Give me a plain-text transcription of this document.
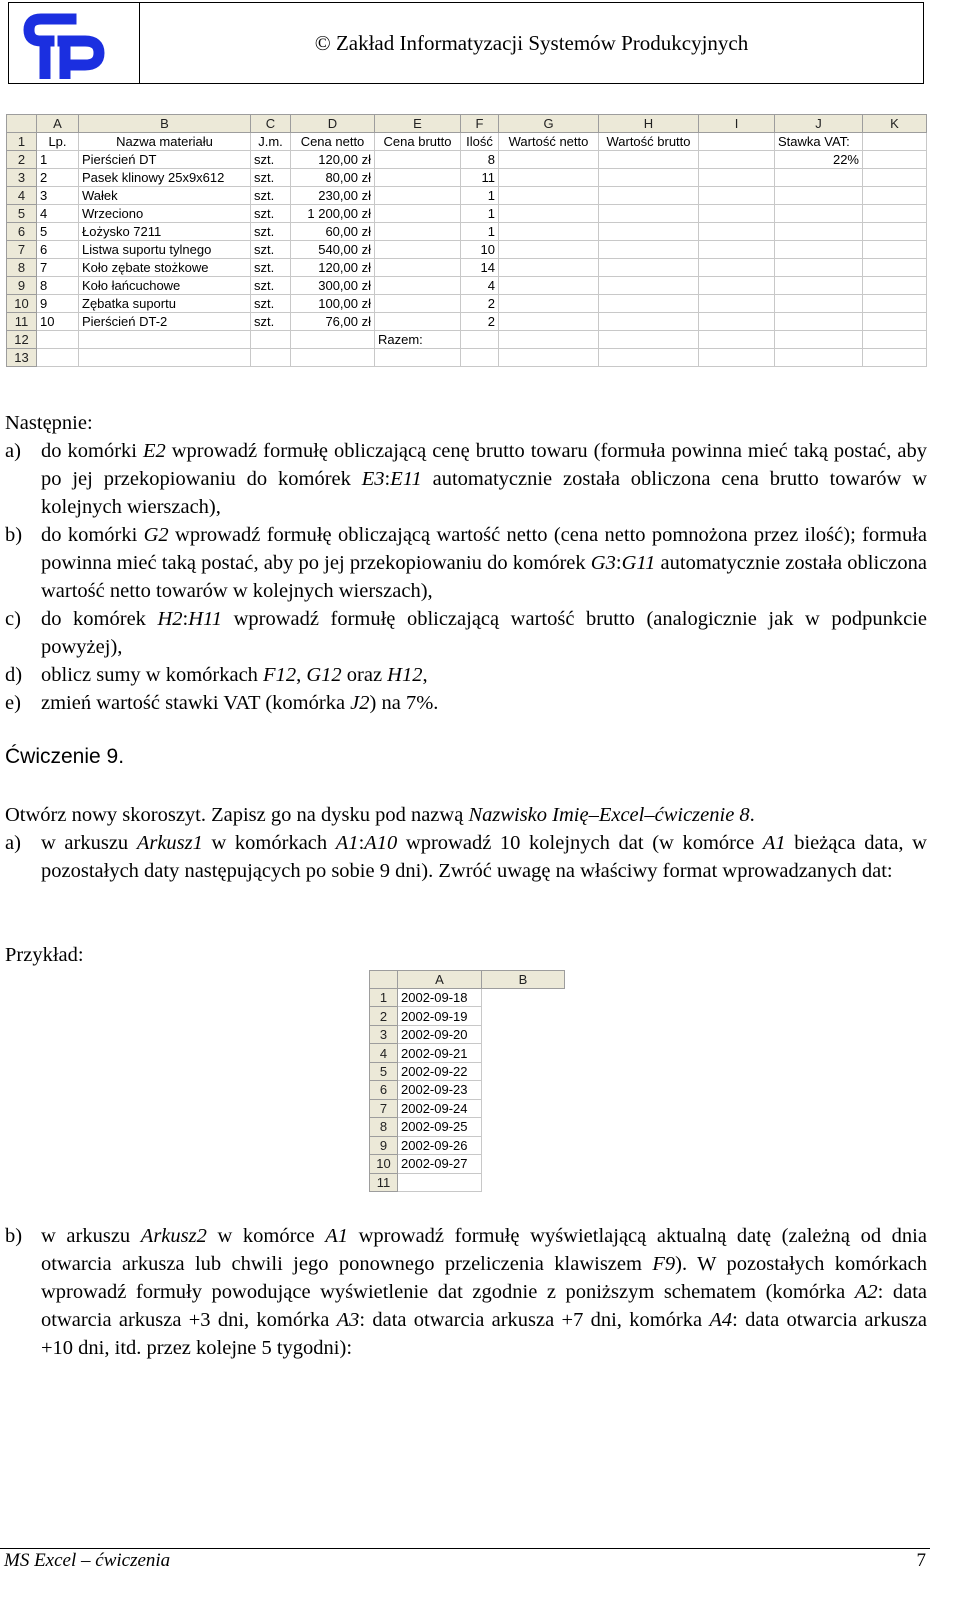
© Zakład Informatyzacji Systemów Produkcyjnych
	A	B	C	D	E	F	G	H	I	J	K
1	Lp.	Nazwa materiału	J.m.	Cena netto	Cena brutto	Ilość	Wartość netto	Wartość brutto		Stawka VAT:	
2	1	Pierścień DT	szt.	120,00 zł		8				22%	
3	2	Pasek klinowy 25x9x612	szt.	80,00 zł		11					
4	3	Wałek	szt.	230,00 zł		1					
5	4	Wrzeciono	szt.	1 200,00 zł		1					
6	5	Łożysko 7211	szt.	60,00 zł		1					
7	6	Listwa suportu tylnego	szt.	540,00 zł		10					
8	7	Koło zębate stożkowe	szt.	120,00 zł		14					
9	8	Koło łańcuchowe	szt.	300,00 zł		4					
10	9	Zębatka suportu	szt.	100,00 zł		2					
11	10	Pierścień DT-2	szt.	76,00 zł		2					
12					Razem:						
13											

Następnie:

a) do komórki E2 wprowadź formułę obliczającą cenę brutto towaru (formuła powinna mieć taką postać, aby po jej przekopiowaniu do komórek E3:E11 automatycznie została obliczona cena brutto towarów w kolejnych wierszach),
b) do komórki G2 wprowadź formułę obliczającą wartość netto (cena netto pomnożona przez ilość); formuła powinna mieć taką postać, aby po jej przekopiowaniu do komórek G3:G11 automatycznie została obliczona wartość netto towarów w kolejnych wierszach),
c) do komórek H2:H11 wprowadź formułę obliczającą wartość brutto (analogicznie jak w podpunkcie powyżej),
d) oblicz sumy w komórkach F12, G12 oraz H12,
e) zmień wartość stawki VAT (komórka J2) na 7%.
Ćwiczenie 9.

Otwórz nowy skoroszyt. Zapisz go na dysku pod nazwą Nazwisko Imię–Excel–ćwiczenie 8.

a) w arkuszu Arkusz1 w komórkach A1:A10 wprowadź 10 kolejnych dat (w komórce A1 bieżąca data, w pozostałych daty następujących po sobie 9 dni). Zwróć uwagę na właściwy format wprowadzanych dat:
Przykład:
	A	B
1	2002-09-18	
2	2002-09-19	
3	2002-09-20	
4	2002-09-21	
5	2002-09-22	
6	2002-09-23	
7	2002-09-24	
8	2002-09-25	
9	2002-09-26	
10	2002-09-27	
11		
b) w arkuszu Arkusz2 w komórce A1 wprowadź formułę wyświetlającą aktualną datę (zależną od dnia otwarcia arkusza lub chwili jego ponownego przeliczenia klawiszem F9). W pozostałych komórkach wprowadź formuły powodujące wyświetlenie dat zgodnie z poniższym schematem (komórka A2: data otwarcia arkusza +3 dni, komórka A3: data otwarcia arkusza +7 dni, komórka A4: data otwarcia arkusza +10 dni, itd. przez kolejne 5 tygodni):
MS Excel – ćwiczenia	7
